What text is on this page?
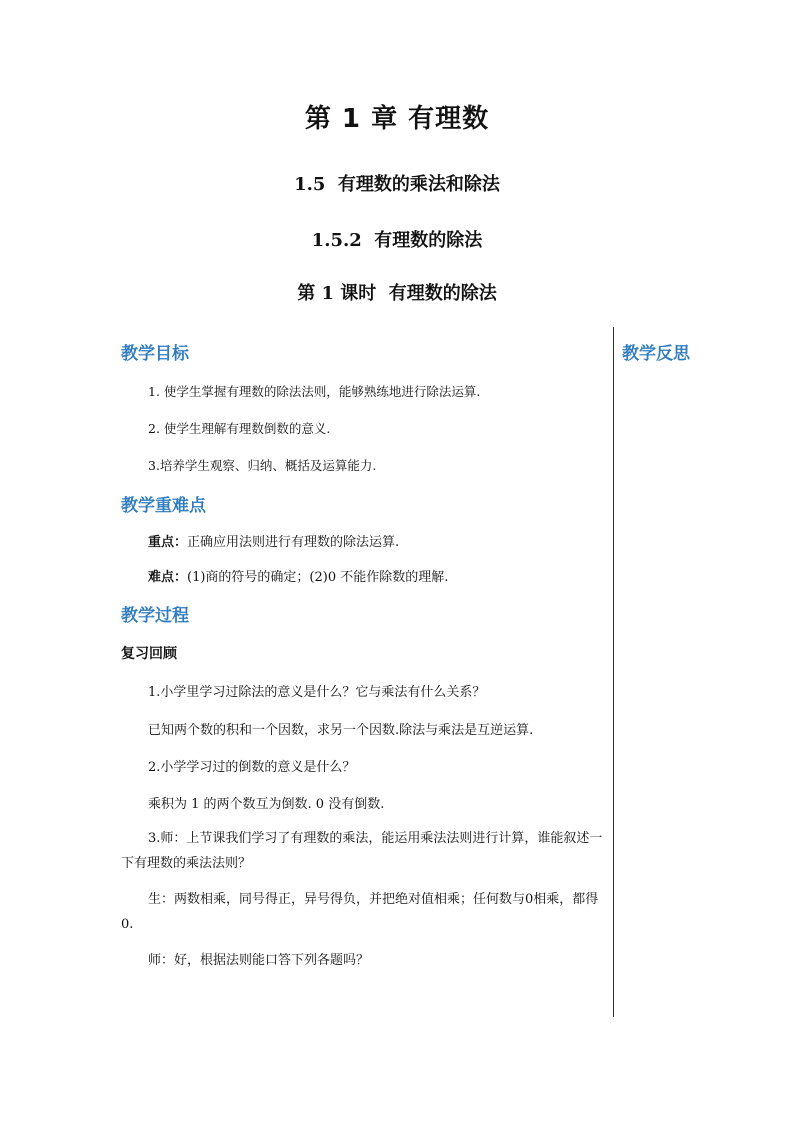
第 1 章 有理数
1.5  有理数的乘法和除法
1.5.2  有理数的除法
第 1 课时  有理数的除法
教学反思
教学目标
1. 使学生掌握有理数的除法法则，能够熟练地进行除法运算.
2. 使学生理解有理数倒数的意义.
3.培养学生观察、归纳、概括及运算能力.
教学重难点
重点：正确应用法则进行有理数的除法运算.
难点：(1)商的符号的确定；(2)0 不能作除数的理解.
教学过程
复习回顾
1.小学里学习过除法的意义是什么？它与乘法有什么关系？
已知两个数的积和一个因数，求另一个因数.除法与乘法是互逆运算.
2.小学学习过的倒数的意义是什么？
乘积为 1 的两个数互为倒数. 0 没有倒数.
3.师：上节课我们学习了有理数的乘法，能运用乘法法则进行计算，谁能叙述一下有理数的乘法法则？
生：两数相乘，同号得正，异号得负，并把绝对值相乘；任何数与0相乘，都得0.
师：好，根据法则能口答下列各题吗？
